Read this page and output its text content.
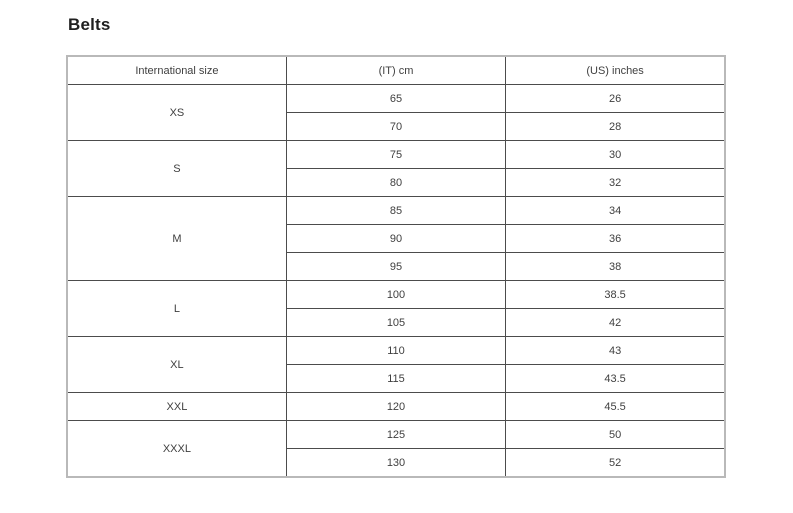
Belts
International size	(IT) cm	(US) inches
XS	65	26
	70	28
S	75	30
	80	32
M	85	34
	90	36
	95	38
L	100	38.5
	105	42
XL	110	43
	115	43.5
XXL	120	45.5
XXXL	125	50
	130	52
